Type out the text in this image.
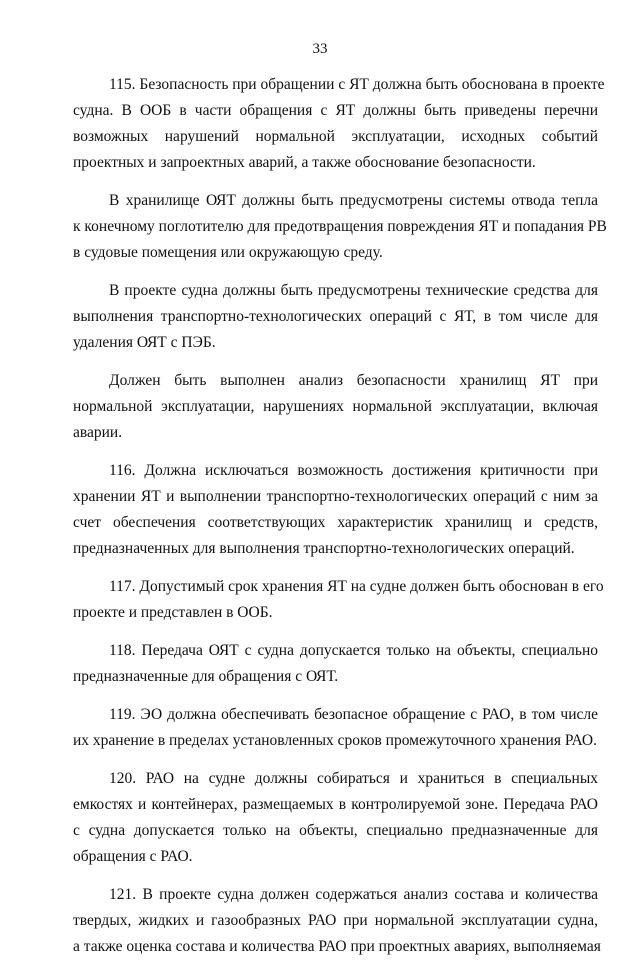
33

115. Безопасность при обращении с ЯТ должна быть обоснована в проекте
судна. В ООБ в части обращения с ЯТ должны быть приведены перечни
возможных нарушений нормальной эксплуатации, исходных событий
проектных и запроектных аварий, а также обоснование безопасности.

В хранилище ОЯТ должны быть предусмотрены системы отвода тепла
к конечному поглотителю для предотвращения повреждения ЯТ и попадания РВ
в судовые помещения или окружающую среду.

В проекте судна должны быть предусмотрены технические средства для
выполнения транспортно-технологических операций с ЯТ, в том числе для
удаления ОЯТ с ПЭБ.

Должен быть выполнен анализ безопасности хранилищ ЯТ при
нормальной эксплуатации, нарушениях нормальной эксплуатации, включая
аварии.

116. Должна исключаться возможность достижения критичности при
хранении ЯТ и выполнении транспортно-технологических операций с ним за
счет обеспечения соответствующих характеристик хранилищ и средств,
предназначенных для выполнения транспортно-технологических операций.

117. Допустимый срок хранения ЯТ на судне должен быть обоснован в его
проекте и представлен в ООБ.

118. Передача ОЯТ с судна допускается только на объекты, специально
предназначенные для обращения с ОЯТ.

119. ЭО должна обеспечивать безопасное обращение с РАО, в том числе
их хранение в пределах установленных сроков промежуточного хранения РАО.

120. РАО на судне должны собираться и храниться в специальных
емкостях и контейнерах, размещаемых в контролируемой зоне. Передача РАО
с судна допускается только на объекты, специально предназначенные для
обращения с РАО.

121. В проекте судна должен содержаться анализ состава и количества
твердых, жидких и газообразных РАО при нормальной эксплуатации судна,
а также оценка состава и количества РАО при проектных авариях, выполняемая
